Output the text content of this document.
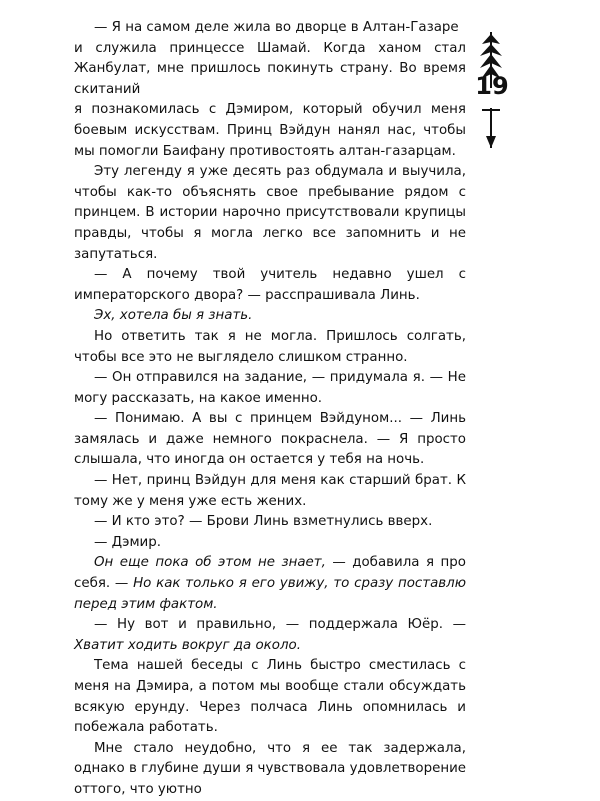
— Я на самом деле жила во дворце в Алтан-Газаре

и служила принцессе Шамай. Когда ханом стал Жанбулат, мне пришлось покинуть страну. Во время скитаний

я познакомилась с Дэмиром, который обучил меня боевым искусствам. Принц Вэйдун нанял нас, чтобы мы помогли Баифану противостоять алтан-газарцам.

Эту легенду я уже десять раз обдумала и выучила, чтобы как-то объяснять свое пребывание рядом с принцем. В истории нарочно присутствовали крупицы правды, чтобы я могла легко все запомнить и не запутаться.

— А почему твой учитель недавно ушел с императорского двора? — расспрашивала Линь.

Эх, хотела бы я знать.

Но ответить так я не могла. Пришлось солгать, чтобы все это не выглядело слишком странно.

— Он отправился на задание, — придумала я. — Не могу рассказать, на какое именно.

— Понимаю. А вы с принцем Вэйдуном... — Линь замялась и даже немного покраснела. — Я просто слышала, что иногда он остается у тебя на ночь.

— Нет, принц Вэйдун для меня как старший брат. К тому же у меня уже есть жених.

— И кто это? — Брови Линь взметнулись вверх.

— Дэмир.

Он еще пока об этом не знает, — добавила я про себя. — Но как только я его увижу, то сразу поставлю перед этим фактом.

— Ну вот и правильно, — поддержала Юёр. — Хватит ходить вокруг да около.

Тема нашей беседы с Линь быстро сместилась с меня на Дэмира, а потом мы вообще стали обсуждать всякую ерунду. Через полчаса Линь опомнилась и побежала работать.

Мне стало неудобно, что я ее так задержала, однако в глубине души я чувствовала удовлетворение оттого, что уютно

19
